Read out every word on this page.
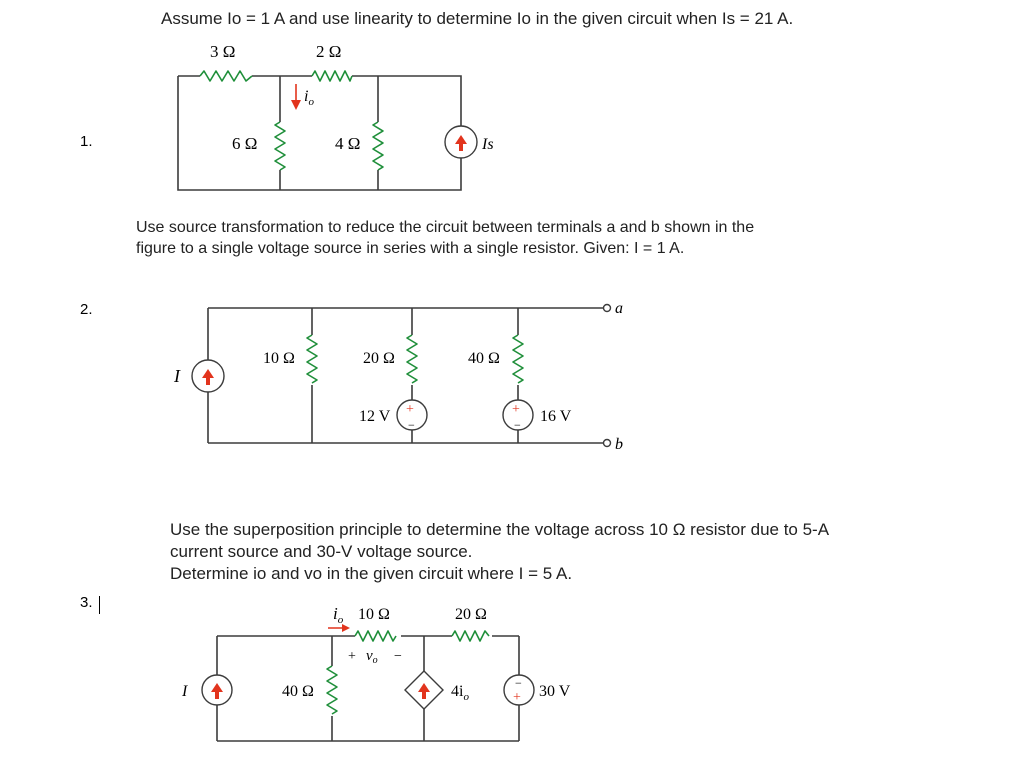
1.
2.
3.
Assume Io = 1 A and use linearity to determine Io in the given circuit when Is = 21 A.
Use source transformation to reduce the circuit between terminals a and b shown in the
figure to a single voltage source in series with a single resistor. Given: I = 1 A.
Use the superposition principle to determine the voltage across 10 Ω resistor due to 5-A
current source and 30-V voltage source.
Determine io and vo in the given circuit where I = 5 A.
3 Ω	2 Ω
6 Ω	4 Ω
$i_o$
Is
I
10 Ω	20 Ω	40 Ω
12 V	16 V
+
−
+
−
a
b
I
$i_o$ 10 Ω	20 Ω
+ $v_o$ −
40 Ω	$4i_o$	30 V
−
+
